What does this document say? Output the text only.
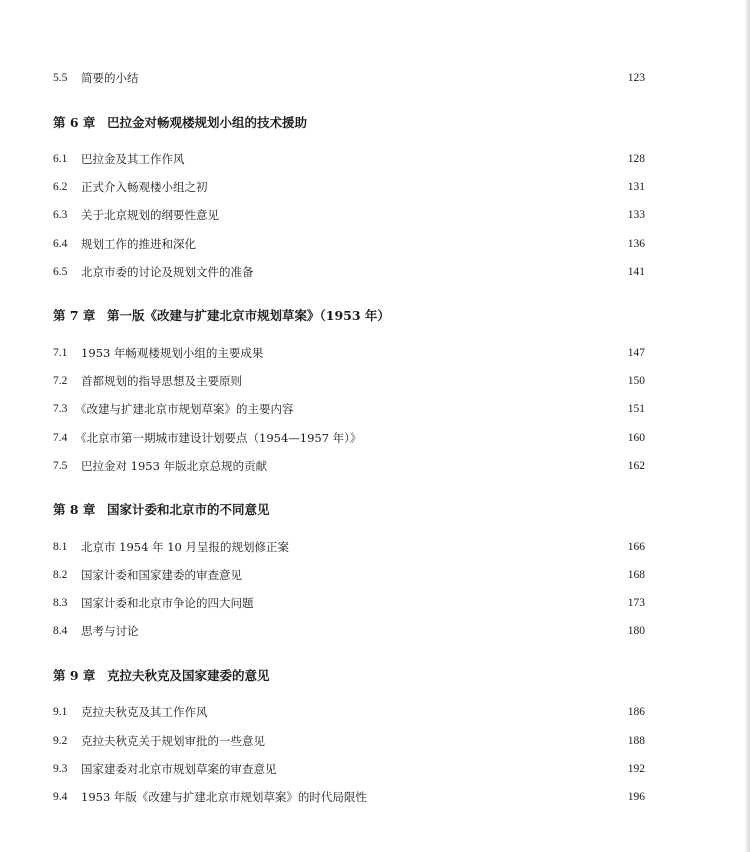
5.5	简要的小结	123
第 6 章 巴拉金对畅观楼规划小组的技术援助
6.1	巴拉金及其工作作风	128
6.2	正式介入畅观楼小组之初	131
6.3	关于北京规划的纲要性意见	133
6.4	规划工作的推进和深化	136
6.5	北京市委的讨论及规划文件的准备	141
第 7 章 第一版《改建与扩建北京市规划草案》（1953 年）
7.1	1953 年畅观楼规划小组的主要成果	147
7.2	首都规划的指导思想及主要原则	150
7.3 《改建与扩建北京市规划草案》的主要内容	151
7.4 《北京市第一期城市建设计划要点（1954—1957 年）》	160
7.5	巴拉金对 1953 年版北京总规的贡献	162
第 8 章 国家计委和北京市的不同意见
8.1	北京市 1954 年 10 月呈报的规划修正案	166
8.2	国家计委和国家建委的审查意见	168
8.3	国家计委和北京市争论的四大问题	173
8.4	思考与讨论	180
第 9 章 克拉夫秋克及国家建委的意见
9.1	克拉夫秋克及其工作作风	186
9.2	克拉夫秋克关于规划审批的一些意见	188
9.3	国家建委对北京市规划草案的审查意见	192
9.4	1953 年版《改建与扩建北京市规划草案》的时代局限性	196
